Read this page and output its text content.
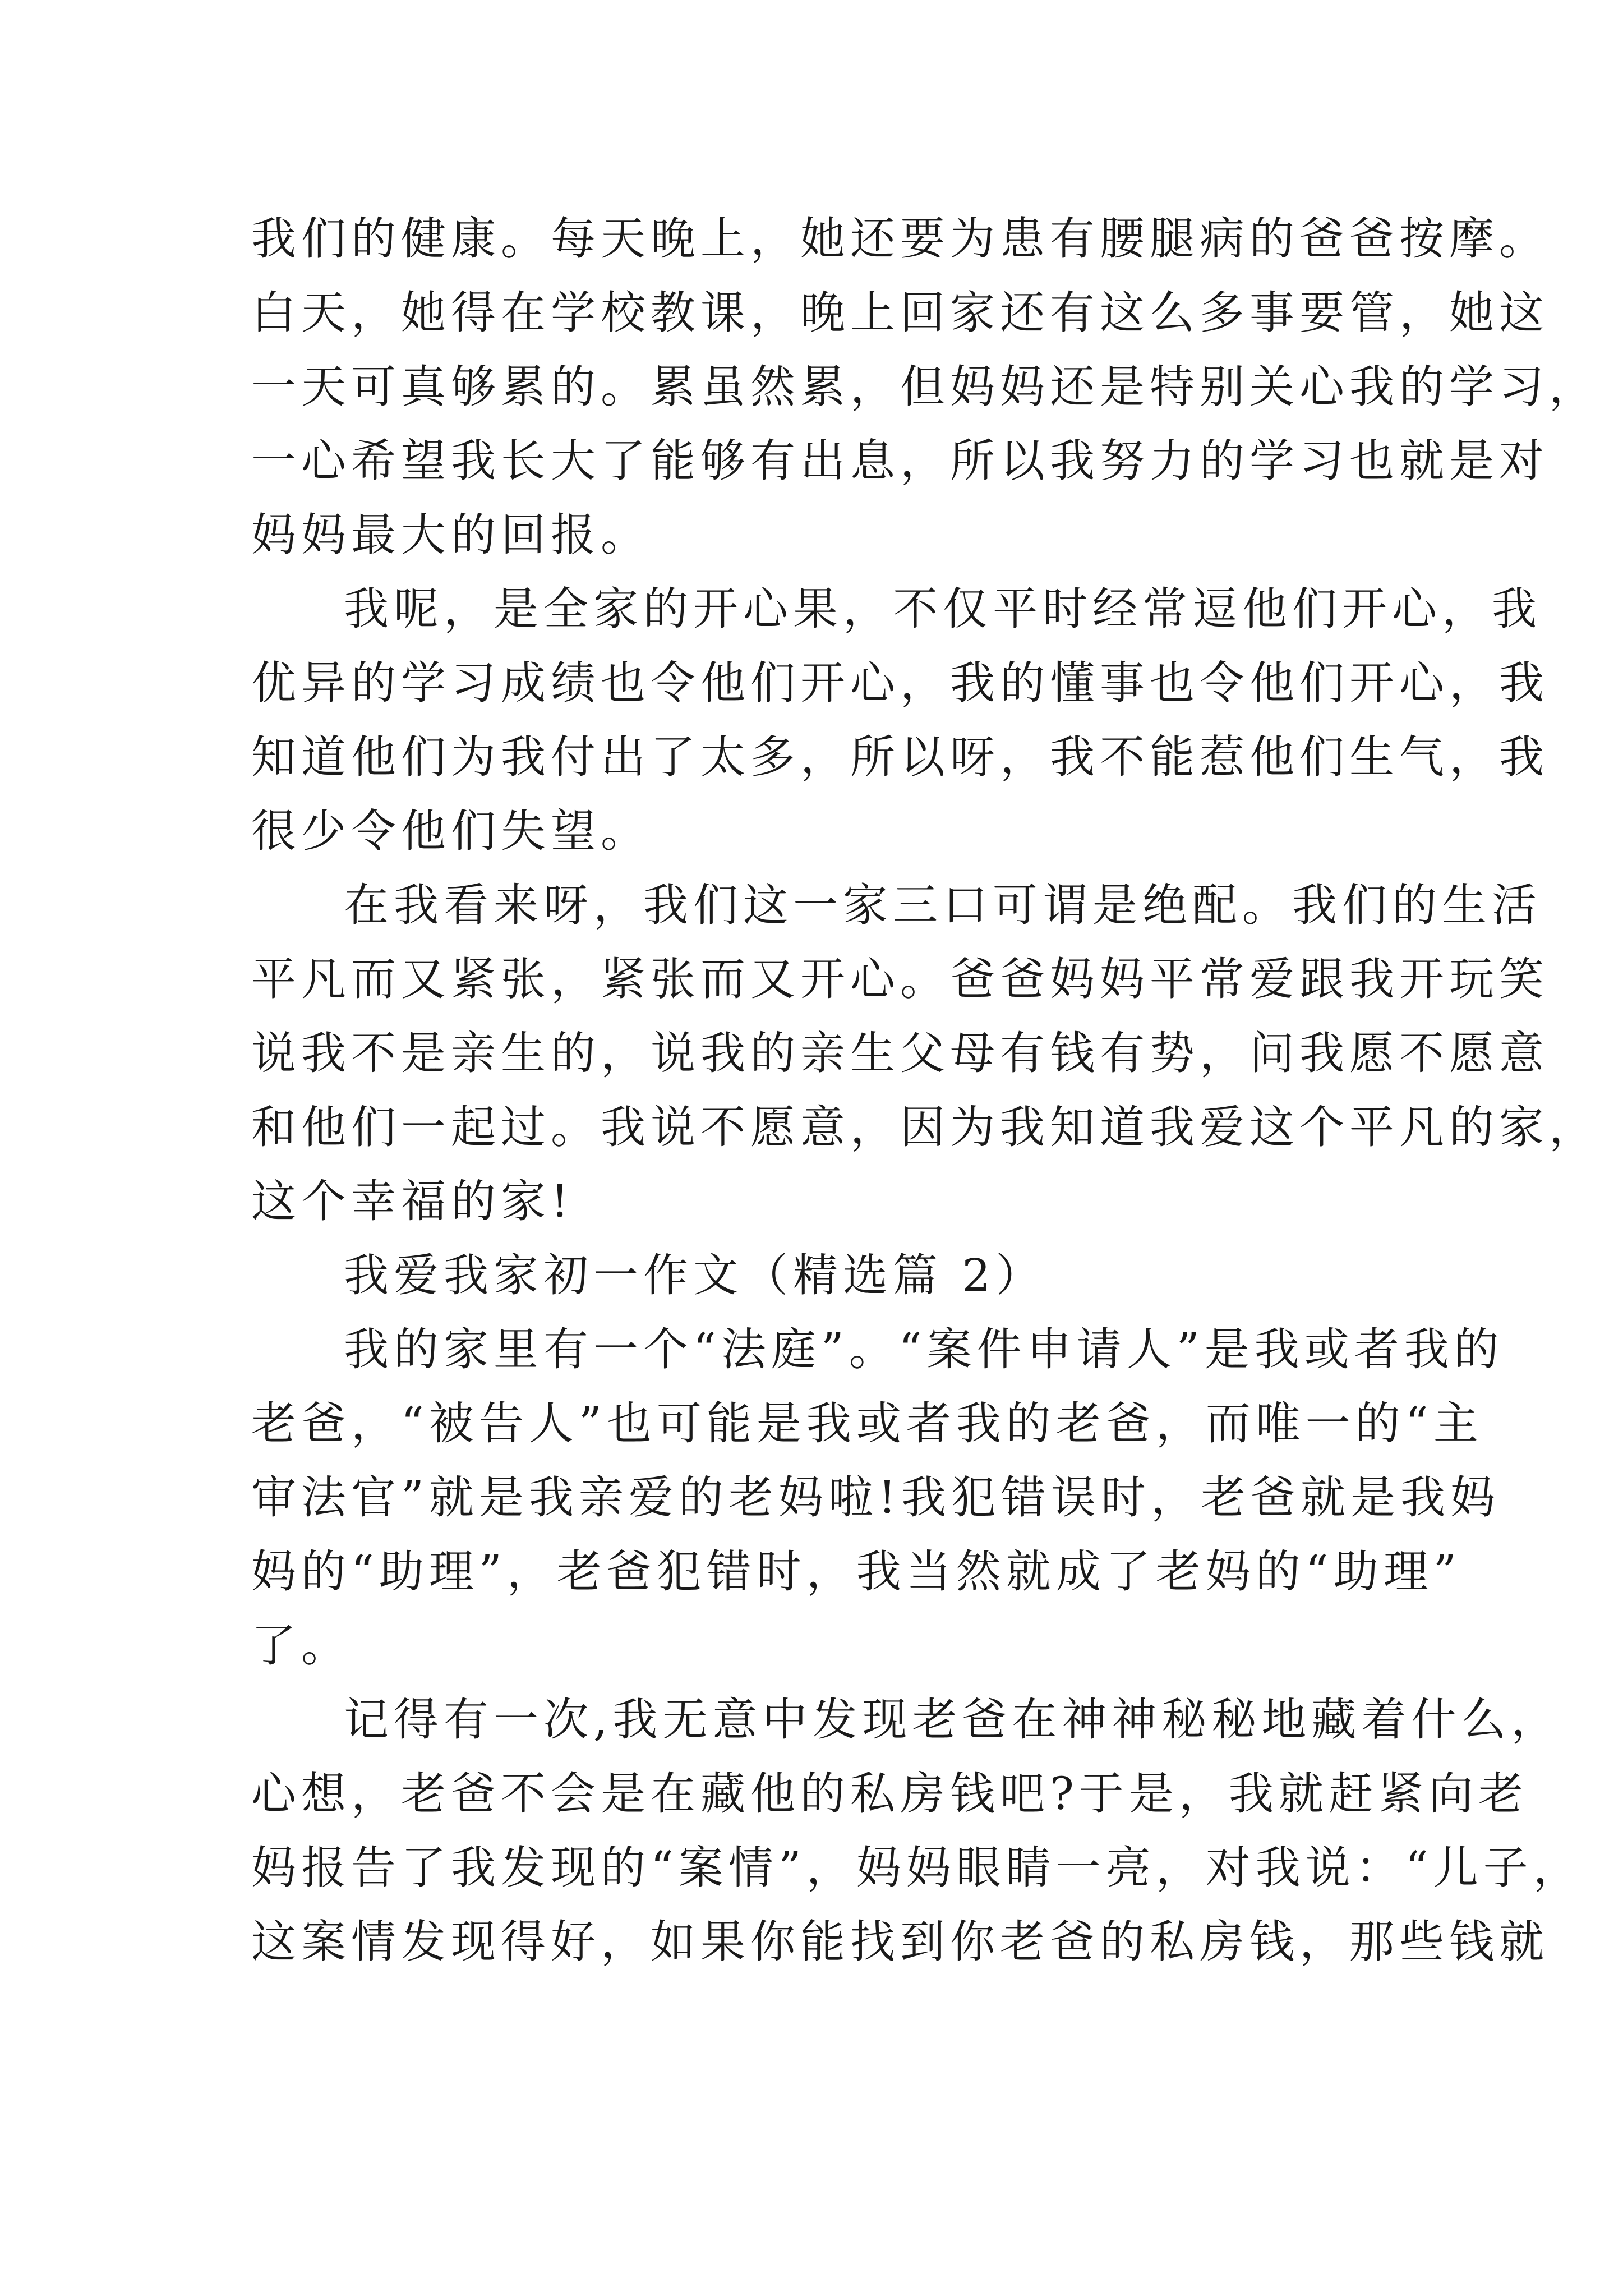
我们的健康。每天晚上，她还要为患有腰腿病的爸爸按摩。
白天，她得在学校教课，晚上回家还有这么多事要管，她这
一天可真够累的。累虽然累，但妈妈还是特别关心我的学习，
一心希望我长大了能够有出息，所以我努力的学习也就是对
妈妈最大的回报。
我呢，是全家的开心果，不仅平时经常逗他们开心，我
优异的学习成绩也令他们开心，我的懂事也令他们开心，我
知道他们为我付出了太多，所以呀，我不能惹他们生气，我
很少令他们失望。
在我看来呀，我们这一家三口可谓是绝配。我们的生活
平凡而又紧张，紧张而又开心。爸爸妈妈平常爱跟我开玩笑
说我不是亲生的，说我的亲生父母有钱有势，问我愿不愿意
和他们一起过。我说不愿意，因为我知道我爱这个平凡的家，
这个幸福的家!
我爱我家初一作文（精选篇 2）
我的家里有一个“法庭”。“案件申请人”是我或者我的
老爸，“被告人”也可能是我或者我的老爸，而唯一的“主
审法官”就是我亲爱的老妈啦!我犯错误时，老爸就是我妈
妈的“助理”，老爸犯错时，我当然就成了老妈的“助理”
了。
记得有一次,我无意中发现老爸在神神秘秘地藏着什么，
心想，老爸不会是在藏他的私房钱吧?于是，我就赶紧向老
妈报告了我发现的“案情”，妈妈眼睛一亮，对我说：“儿子，
这案情发现得好，如果你能找到你老爸的私房钱，那些钱就
